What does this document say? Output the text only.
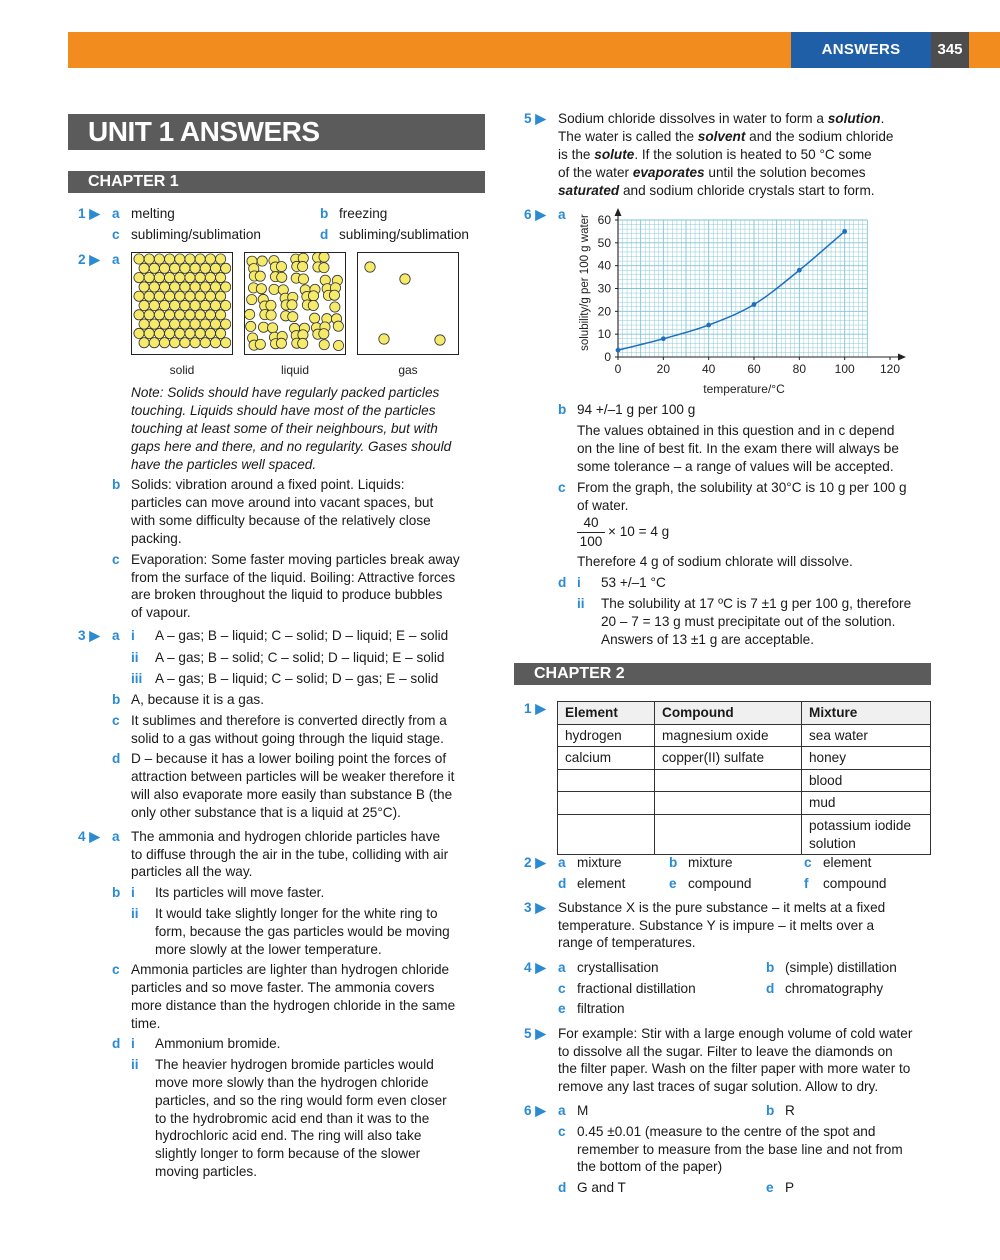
ANSWERS	345
UNIT 1 ANSWERS
CHAPTER 1
1 ▶ a melting	b freezing
c subliming/sublimation	d subliming/sublimation
2 ▶ a
solid	liquid	gas
Note: Solids should have regularly packed particles
touching. Liquids should have most of the particles
touching at least some of their neighbours, but with
gaps here and there, and no regularity. Gases should
have the particles well spaced.
b Solids: vibration around a fixed point. Liquids:
particles can move around into vacant spaces, but
with some difficulty because of the relatively close
packing.
c Evaporation: Some faster moving particles break away
from the surface of the liquid. Boiling: Attractive forces
are broken throughout the liquid to produce bubbles
of vapour.
3 ▶ a i A – gas; B – liquid; C – solid; D – liquid; E – solid
ii A – gas; B – solid; C – solid; D – liquid; E – solid
iii A – gas; B – liquid; C – solid; D – gas; E – solid
b A, because it is a gas.
c It sublimes and therefore is converted directly from a
solid to a gas without going through the liquid stage.
d D – because it has a lower boiling point the forces of
attraction between particles will be weaker therefore it
will also evaporate more easily than substance B (the
only other substance that is a liquid at 25°C).
4 ▶ a The ammonia and hydrogen chloride particles have
to diffuse through the air in the tube, colliding with air
particles all the way.
b i Its particles will move faster.
ii It would take slightly longer for the white ring to
form, because the gas particles would be moving
more slowly at the lower temperature.
c Ammonia particles are lighter than hydrogen chloride
particles and so move faster. The ammonia covers
more distance than the hydrogen chloride in the same
time.
d i Ammonium bromide.
ii The heavier hydrogen bromide particles would
move more slowly than the hydrogen chloride
particles, and so the ring would form even closer
to the hydrobromic acid end than it was to the
hydrochloric acid end. The ring will also take
slightly longer to form because of the slower
moving particles.
5 ▶ Sodium chloride dissolves in water to form a solution.
The water is called the solvent and the sodium chloride
is the solute. If the solution is heated to 50 °C some
of the water evaporates until the solution becomes
saturated and sodium chloride crystals start to form.
6 ▶ a
0	20	40	60	80 100 120
0
10
20
30
40
50
60
solubility/g per 100 g water
temperature/°C
b 94 +/–1 g per 100 g
The values obtained in this question and in c depend
on the line of best fit. In the exam there will always be
some tolerance – a range of values will be accepted.
c From the graph, the solubility at 30°C is 10 g per 100 g
of water.
$\frac{40}{100} \times 10 = 4$ g
Therefore 4 g of sodium chlorate will dissolve.
d i 53 +/–1 °C
ii The solubility at 17 ºC is 7 ±1 g per 100 g, therefore
20 – 7 = 13 g must precipitate out of the solution.
Answers of 13 ±1 g are acceptable.
CHAPTER 2
1 ▶ Element	Compound	Mixture
hydrogen	magnesium oxide	sea water
calcium	copper(II) sulfate	honey
		blood
		mud
		potassium iodide solution
2 ▶ a mixture	b mixture	c element
d element	e compound	f compound
3 ▶ Substance X is the pure substance – it melts at a fixed
temperature. Substance Y is impure – it melts over a
range of temperatures.
4 ▶ a crystallisation	b (simple) distillation
c fractional distillation	d chromatography
e filtration
5 ▶ For example: Stir with a large enough volume of cold water
to dissolve all the sugar. Filter to leave the diamonds on
the filter paper. Wash on the filter paper with more water to
remove any last traces of sugar solution. Allow to dry.
6 ▶ a M	b R
c 0.45 ±0.01 (measure to the centre of the spot and
remember to measure from the base line and not from
the bottom of the paper)
d G and T	e P
